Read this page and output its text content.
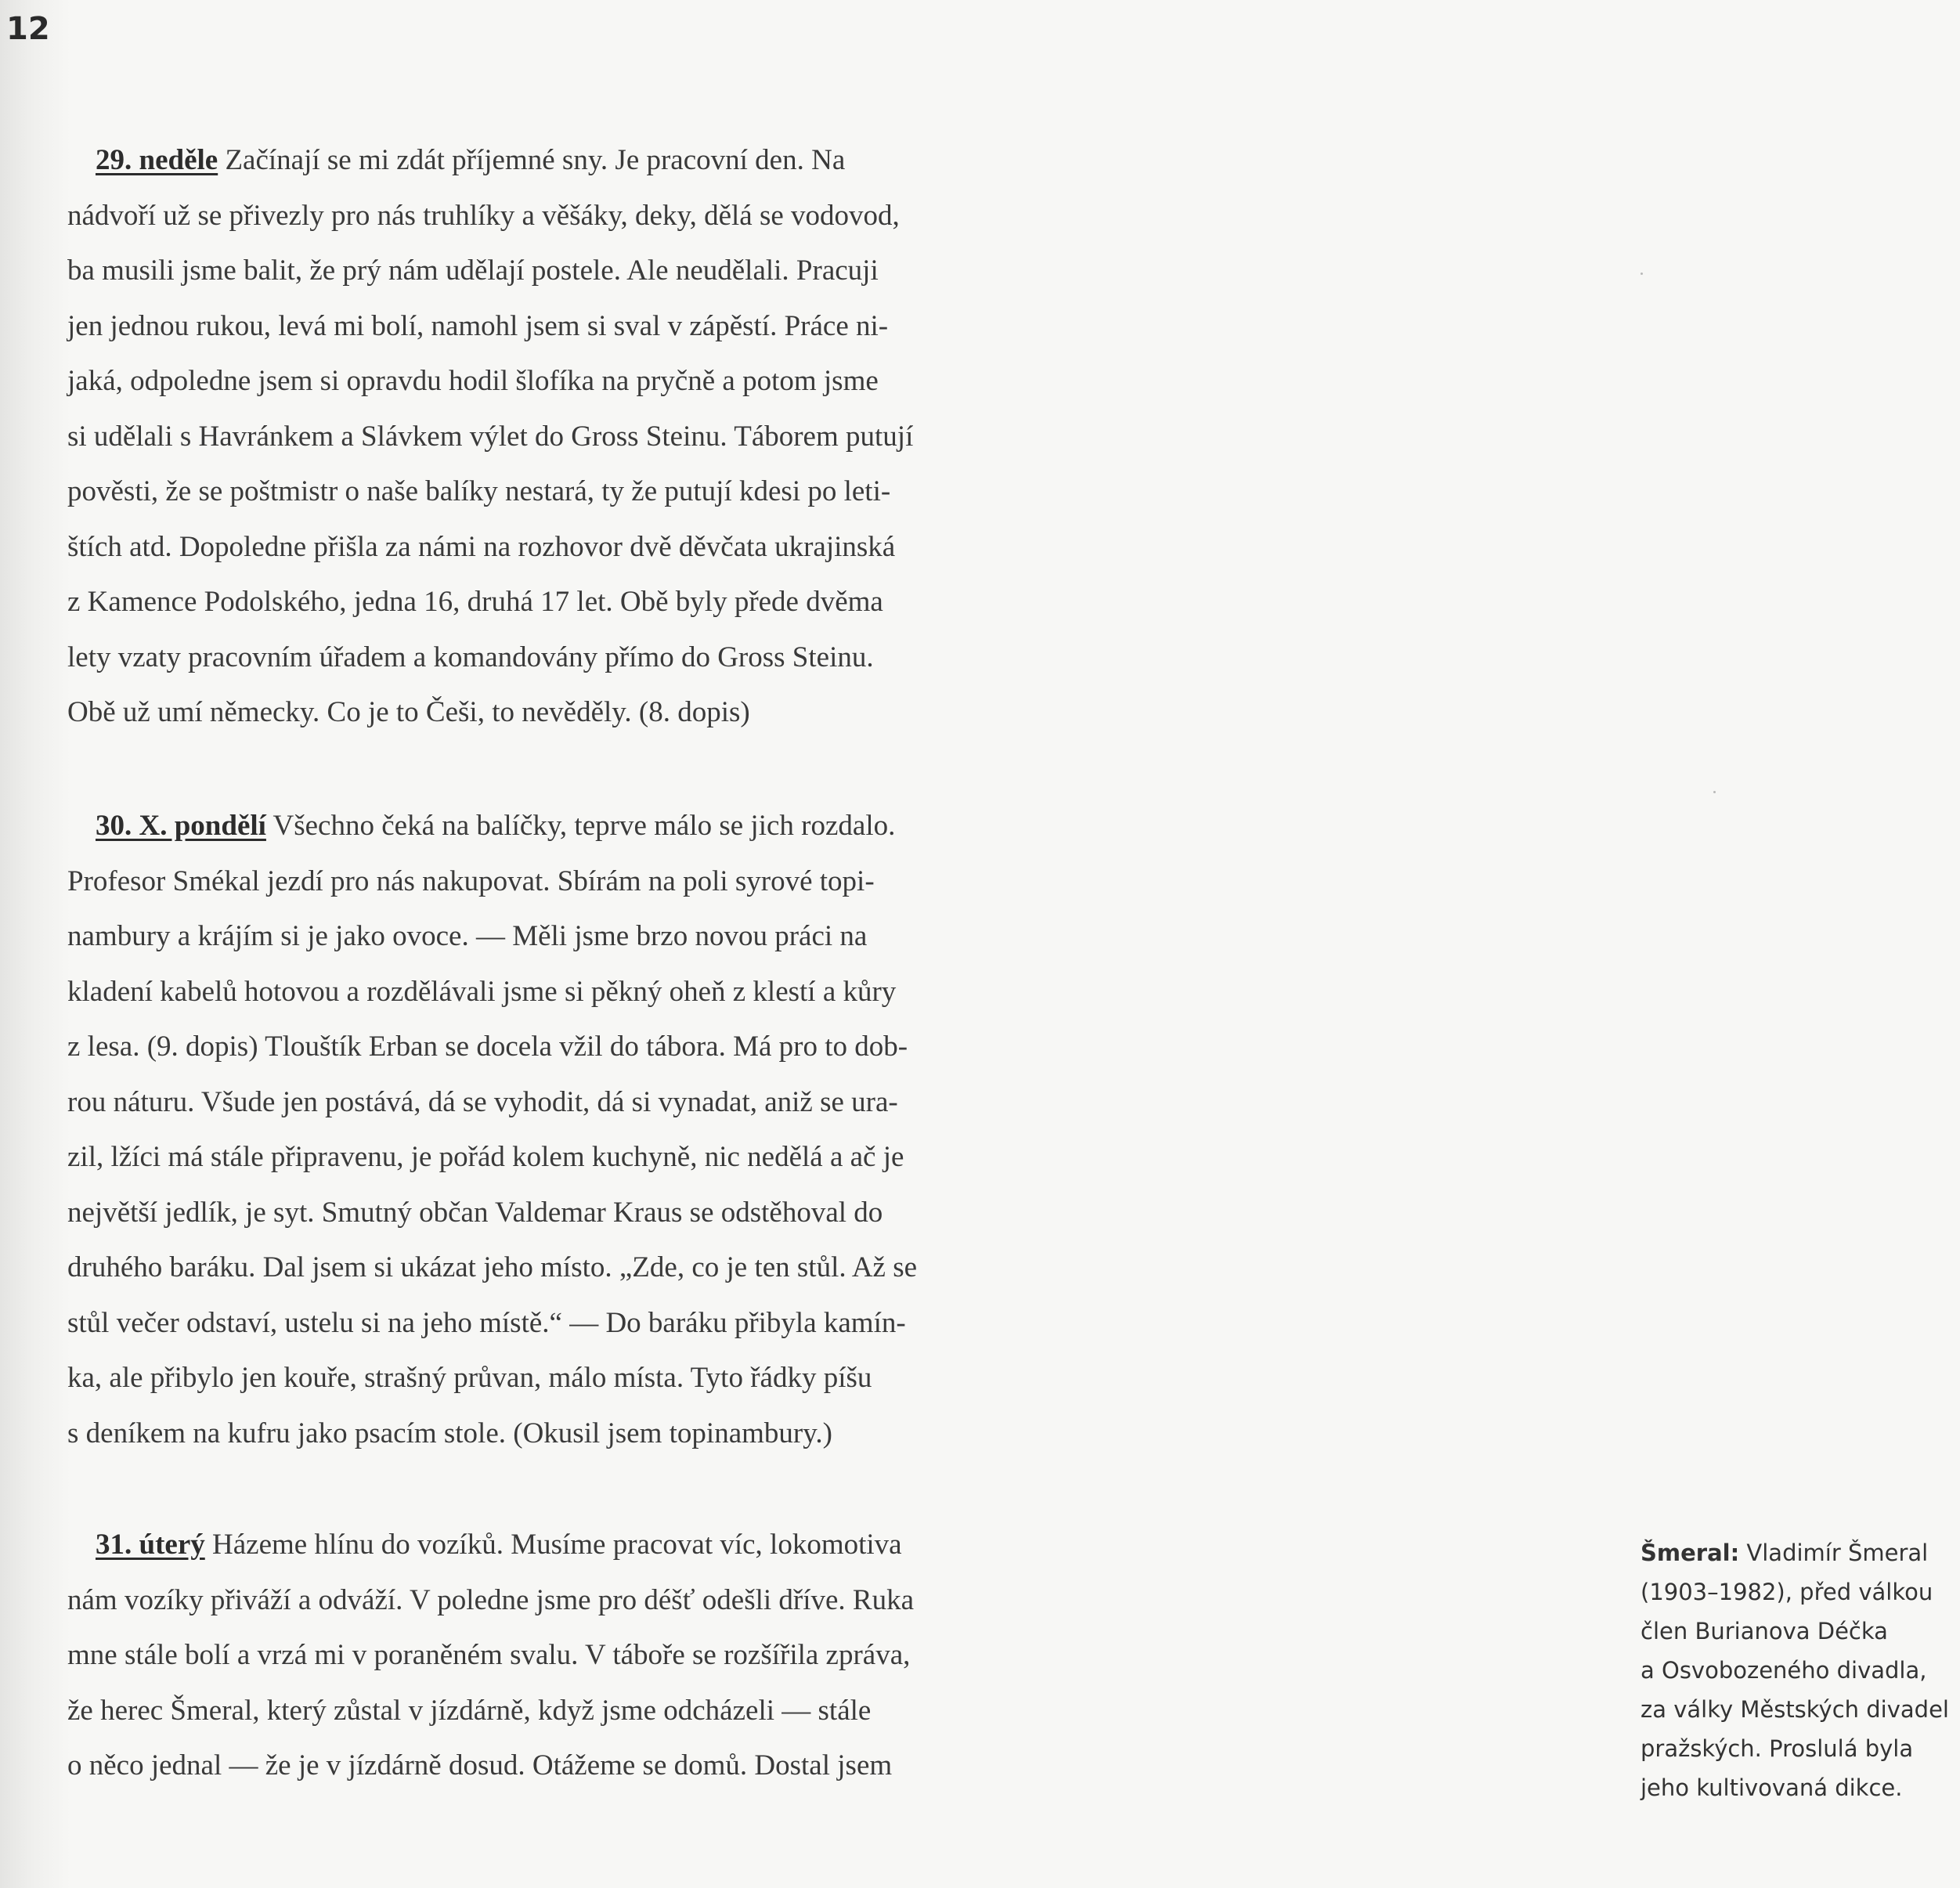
12
29. neděle Začínají se mi zdát příjemné sny. Je pracovní den. Na
nádvoří už se přivezly pro nás truhlíky a věšáky, deky, dělá se vodovod,
ba musili jsme balit, že prý nám udělají postele. Ale neudělali. Pracuji
jen jednou rukou, levá mi bolí, namohl jsem si sval v zápěstí. Práce ni-
jaká, odpoledne jsem si opravdu hodil šlofíka na pryčně a potom jsme
si udělali s Havránkem a Slávkem výlet do Gross Steinu. Táborem putují
pověsti, že se poštmistr o naše balíky nestará, ty že putují kdesi po leti-
štích atd. Dopoledne přišla za námi na rozhovor dvě děvčata ukrajinská
z Kamence Podolského, jedna 16, druhá 17 let. Obě byly přede dvěma
lety vzaty pracovním úřadem a komandovány přímo do Gross Steinu.
Obě už umí německy. Co je to Češi, to nevěděly. (8. dopis)
30. X. pondělí Všechno čeká na balíčky, teprve málo se jich rozdalo.
Profesor Smékal jezdí pro nás nakupovat. Sbírám na poli syrové topi-
nambury a krájím si je jako ovoce. — Měli jsme brzo novou práci na
kladení kabelů hotovou a rozdělávali jsme si pěkný oheň z klestí a kůry
z lesa. (9. dopis) Tlouštík Erban se docela vžil do tábora. Má pro to dob-
rou náturu. Všude jen postává, dá se vyhodit, dá si vynadat, aniž se ura-
zil, lžíci má stále připravenu, je pořád kolem kuchyně, nic nedělá a ač je
největší jedlík, je syt. Smutný občan Valdemar Kraus se odstěhoval do
druhého baráku. Dal jsem si ukázat jeho místo. „Zde, co je ten stůl. Až se
stůl večer odstaví, ustelu si na jeho místě.“ — Do baráku přibyla kamín-
ka, ale přibylo jen kouře, strašný průvan, málo místa. Tyto řádky píšu
s deníkem na kufru jako psacím stole. (Okusil jsem topinambury.)
31. úterý Házeme hlínu do vozíků. Musíme pracovat víc, lokomotiva
nám vozíky přiváží a odváží. V poledne jsme pro déšť odešli dříve. Ruka
mne stále bolí a vrzá mi v poraněném svalu. V táboře se rozšířila zpráva,
že herec Šmeral, který zůstal v jízdárně, když jsme odcházeli — stále
o něco jednal — že je v jízdárně dosud. Otážeme se domů. Dostal jsem
Šmeral: Vladimír Šmeral
(1903–1982), před válkou
člen Burianova Déčka
a Osvobozeného divadla,
za války Městských divadel
pražských. Proslulá byla
jeho kultivovaná dikce.
